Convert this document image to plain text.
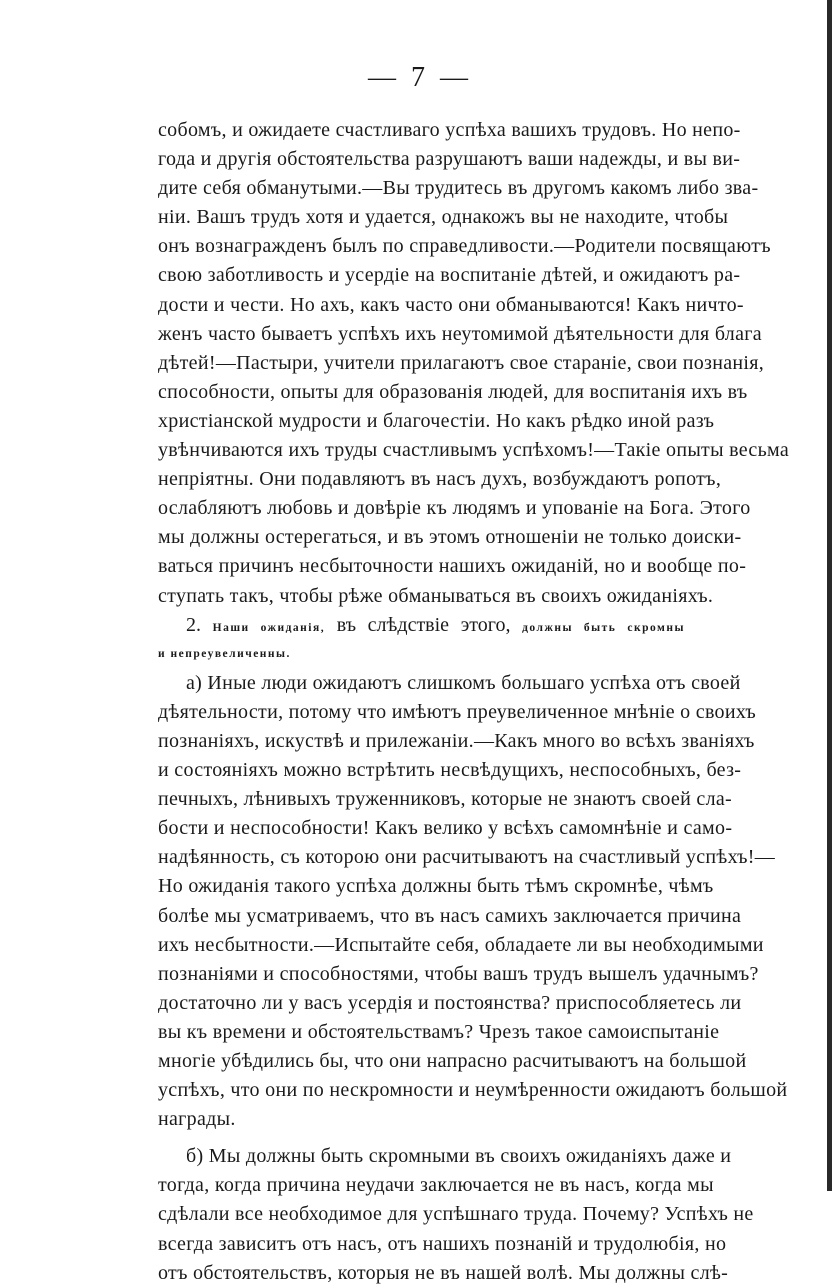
— 7 —
собомъ, и ожидаете счастливаго успѣха вашихъ трудовъ. Но непо-
года и другія обстоятельства разрушаютъ ваши надежды, и вы ви-
дите себя обманутыми.—Вы трудитесь въ другомъ какомъ либо зва-
ніи. Вашъ трудъ хотя и удается, однакожъ вы не находите, чтобы
онъ вознагражденъ былъ по справедливости.—Родители посвящаютъ
свою заботливость и усердіе на воспитаніе дѣтей, и ожидаютъ ра-
дости и чести. Но ахъ, какъ часто они обманываются! Какъ ничто-
женъ часто бываетъ успѣхъ ихъ неутомимой дѣятельности для блага
дѣтей!—Пастыри, учители прилагаютъ свое стараніе, свои познанія,
способности, опыты для образованія людей, для воспитанія ихъ въ
христіанской мудрости и благочестіи. Но какъ рѣдко иной разъ
увѣнчиваются ихъ труды счастливымъ успѣхомъ!—Такіе опыты весьма
непріятны. Они подавляютъ въ насъ духъ, возбуждаютъ ропотъ,
ослабляютъ любовь и довѣріе къ людямъ и упованіе на Бога. Этого
мы должны остерегаться, и въ этомъ отношеніи не только доиски-
ваться причинъ несбыточности нашихъ ожиданій, но и вообще по-
ступать такъ, чтобы рѣже обманываться въ своихъ ожиданіяхъ.
2. Наши ожиданія, въ слѣдствіе этого, должны быть скромны
и непреувеличенны.
а) Иные люди ожидаютъ слишкомъ большаго успѣха отъ своей
дѣятельности, потому что имѣютъ преувеличенное мнѣніе о своихъ
познаніяхъ, искуствѣ и прилежаніи.—Какъ много во всѣхъ званіяхъ
и состояніяхъ можно встрѣтить несвѣдущихъ, неспособныхъ, без-
печныхъ, лѣнивыхъ труженниковъ, которые не знаютъ своей сла-
бости и неспособности! Какъ велико у всѣхъ самомнѣніе и само-
надѣянность, съ которою они расчитываютъ на счастливый успѣхъ!—
Но ожиданія такого успѣха должны быть тѣмъ скромнѣе, чѣмъ
болѣе мы усматриваемъ, что въ насъ самихъ заключается причина
ихъ несбытности.—Испытайте себя, обладаете ли вы необходимыми
познаніями и способностями, чтобы вашъ трудъ вышелъ удачнымъ?
достаточно ли у васъ усердія и постоянства? приспособляетесь ли
вы къ времени и обстоятельствамъ? Чрезъ такое самоиспытаніе
многіе убѣдились бы, что они напрасно расчитываютъ на большой
успѣхъ, что они по нескромности и неумѣренности ожидаютъ большой
награды.
б) Мы должны быть скромными въ своихъ ожиданіяхъ даже и
тогда, когда причина неудачи заключается не въ насъ, когда мы
сдѣлали все необходимое для успѣшнаго труда. Почему? Успѣхъ не
всегда зависитъ отъ насъ, отъ нашихъ познаній и трудолюбія, но
отъ обстоятельствъ, которыя не въ нашей волѣ. Мы должны слѣ-
